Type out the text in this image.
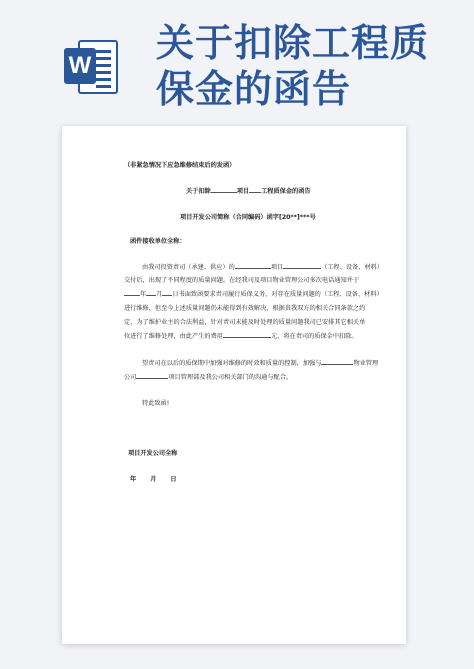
W
关于扣除工程质保金的函告

（非紧急情况下应急维修结束后的发函）

关于扣除	项目 工程质保金的函告

项目开发公司简称（合同编码）函字[20**]***号

函件接收单位全称：

由我司投资责司（承建、供应）的	项目	（工程、设备、材料）

交付后，出现了不同程度的质量问题。在经我司及项目物业管理公司多次电话通知并于

年 月 日书面致函要求责司履行质保义务，对存在质量问题的（工程、设备、材料）

进行维修，但至今上述质量问题仍未能得到有效解决，根据贵我双方的相关合同条款之约

定，为了维护业主的合法利益，针对责司未能及时处理的质量问题我司已安排其它相关单

位进行了维修处理，由此产生的费用	元，将在责司的质保金中扣除。

望责司在以后的质保期中加强对维修的时效和质量的控制，加强与	物业管理

公司	项目管理部及我公司相关部门的沟通与配合。

特此致函!

项目开发公司全称

年 月 日
